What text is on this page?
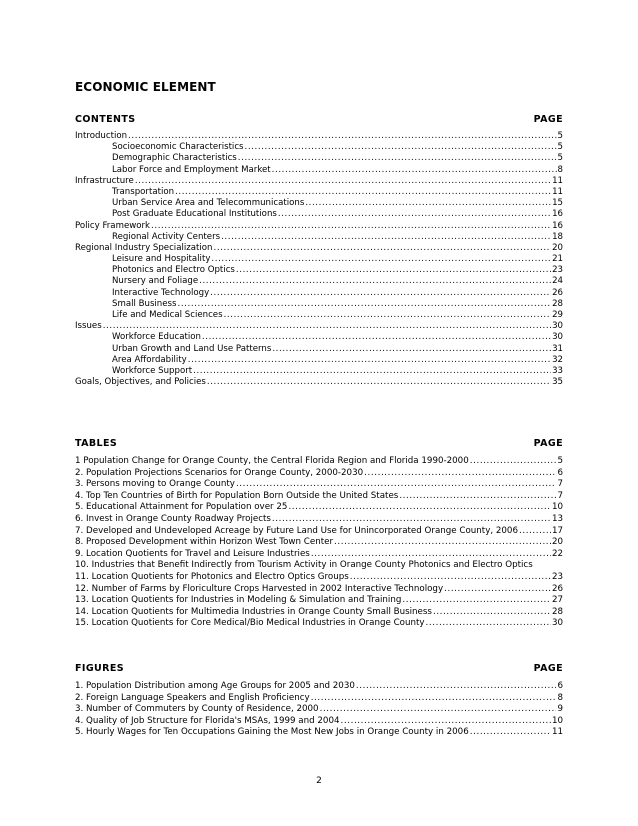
ECONOMIC ELEMENT
CONTENTS	PAGE
Introduction .....	5
Socioeconomic Characteristics .....	5
Demographic Characteristics .....	5
Labor Force and Employment Market .....	8
Infrastructure .....	11
Transportation .....	11
Urban Service Area and Telecommunications .....	15
Post Graduate Educational Institutions .....	16
Policy Framework .....	16
Regional Activity Centers .....	18
Regional Industry Specialization .....	20
Leisure and Hospitality .....	21
Photonics and Electro Optics .....	23
Nursery and Foliage .....	24
Interactive Technology .....	26
Small Business .....	28
Life and Medical Sciences .....	29
Issues .....	30
Workforce Education .....	30
Urban Growth and Land Use Patterns .....	31
Area Affordability .....	32
Workforce Support .....	33
Goals, Objectives, and Policies .....	35
TABLES	PAGE
1 Population Change for Orange County, the Central Florida Region and Florida 1990-2000 .....	5
2. Population Projections Scenarios for Orange County, 2000-2030 .....	6
3. Persons moving to Orange County .....	7
4. Top Ten Countries of Birth for Population Born Outside the United States .....	7
5. Educational Attainment for Population over 25 .....	10
6. Invest in Orange County Roadway Projects .....	13
7. Developed and Undeveloped Acreage by Future Land Use for Unincorporated Orange County, 2006 .....	17
8. Proposed Development within Horizon West Town Center .....	20
9. Location Quotients for Travel and Leisure Industries .....	22
10. Industries that Benefit Indirectly from Tourism Activity in Orange County Photonics and Electro Optics
11. Location Quotients for Photonics and Electro Optics Groups .....	23
12. Number of Farms by Floriculture Crops Harvested in 2002 Interactive Technology .....	26
13. Location Quotients for Industries in Modeling & Simulation and Training .....	27
14. Location Quotients for Multimedia Industries in Orange County Small Business .....	28
15. Location Quotients for Core Medical/Bio Medical Industries in Orange County .....	30
FIGURES	PAGE
1. Population Distribution among Age Groups for 2005 and 2030 .....	6
2. Foreign Language Speakers and English Proficiency .....	8
3. Number of Commuters by County of Residence, 2000 .....	9
4. Quality of Job Structure for Florida's MSAs, 1999 and 2004 .....	10
5. Hourly Wages for Ten Occupations Gaining the Most New Jobs in Orange County in 2006 .....	11
2
